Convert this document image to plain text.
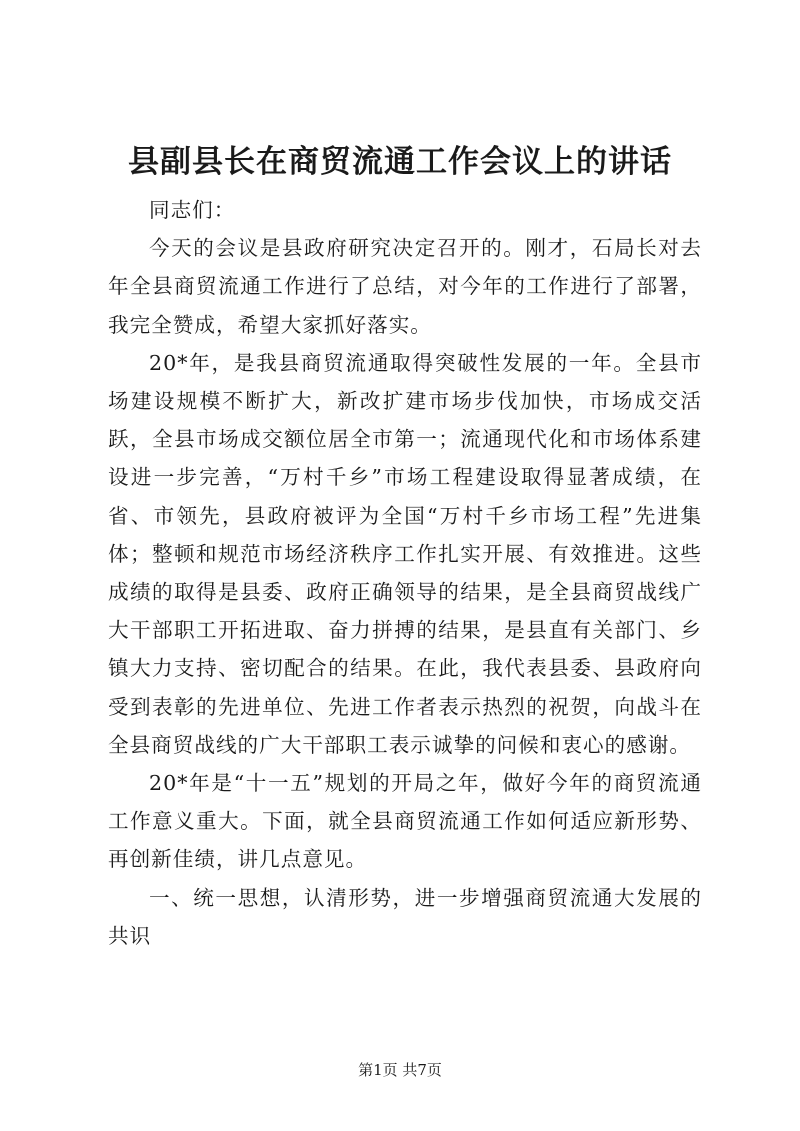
县副县长在商贸流通工作会议上的讲话

同志们：

今天的会议是县政府研究决定召开的。刚才，石局长对去年全县商贸流通工作进行了总结，对今年的工作进行了部署，我完全赞成，希望大家抓好落实。

20*年，是我县商贸流通取得突破性发展的一年。全县市场建设规模不断扩大，新改扩建市场步伐加快，市场成交活跃，全县市场成交额位居全市第一；流通现代化和市场体系建设进一步完善，“万村千乡”市场工程建设取得显著成绩，在省、市领先，县政府被评为全国“万村千乡市场工程”先进集体；整顿和规范市场经济秩序工作扎实开展、有效推进。这些成绩的取得是县委、政府正确领导的结果，是全县商贸战线广大干部职工开拓进取、奋力拼搏的结果，是县直有关部门、乡镇大力支持、密切配合的结果。在此，我代表县委、县政府向受到表彰的先进单位、先进工作者表示热烈的祝贺，向战斗在全县商贸战线的广大干部职工表示诚挚的问候和衷心的感谢。

20*年是“十一五”规划的开局之年，做好今年的商贸流通工作意义重大。下面，就全县商贸流通工作如何适应新形势、再创新佳绩，讲几点意见。

一、统一思想，认清形势，进一步增强商贸流通大发展的共识

第1页 共7页
